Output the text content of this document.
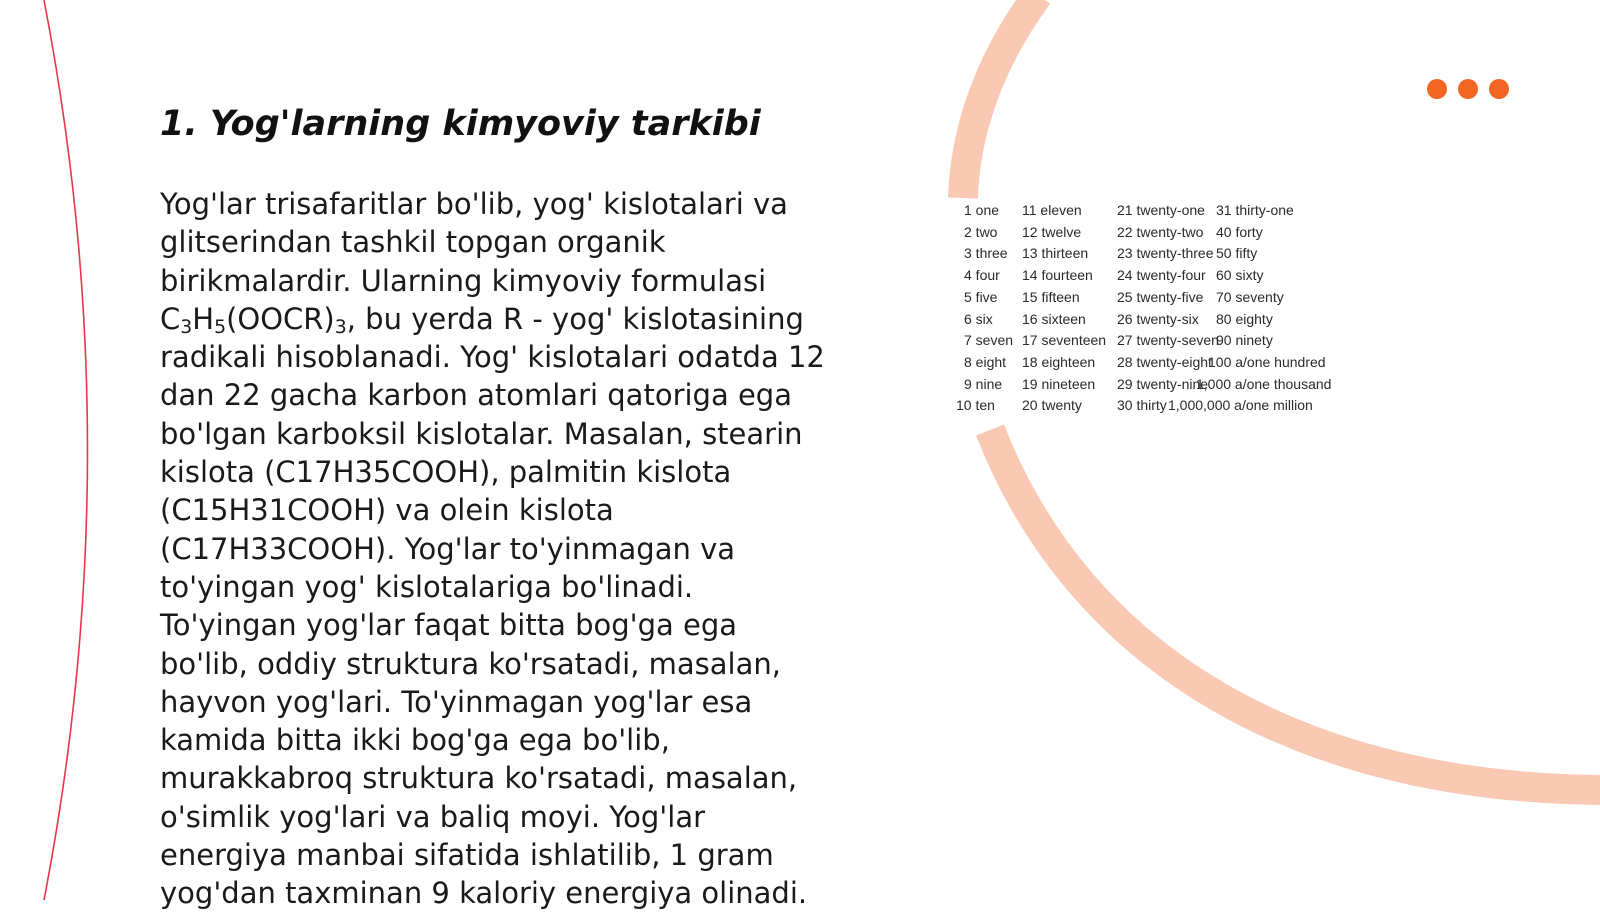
1. Yog'larning kimyoviy tarkibi

Yog'lar trisafaritlar bo'lib, yog' kislotalari va glitserindan tashkil topgan organik birikmalardir. Ularning kimyoviy formulasi $C_3H_5(OOCR)_3$, bu yerda R - yog' kislotasining radikali hisoblanadi. Yog' kislotalari odatda 12 dan 22 gacha karbon atomlari qatoriga ega bo'lgan karboksil kislotalar. Masalan, stearin kislota (C17H35COOH), palmitin kislota (C15H31COOH) va olein kislota (C17H33COOH). Yog'lar to'yinmagan va to'yingan yog' kislotalariga bo'linadi. To'yingan yog'lar faqat bitta bog'ga ega bo'lib, oddiy struktura ko'rsatadi, masalan, hayvon yog'lari. To'yinmagan yog'lar esa kamida bitta ikki bog'ga ega bo'lib, murakkabroq struktura ko'rsatadi, masalan, o'simlik yog'lari va baliq moyi. Yog'lar energiya manbai sifatida ishlatilib, 1 gram yog'dan taxminan 9 kaloriy energiya olinadi.

1 one
2 two
3 three
4 four
5 five
6 six
7 seven
8 eight
9 nine
10 ten
11 eleven
12 twelve
13 thirteen
14 fourteen
15 fifteen
16 sixteen
17 seventeen
18 eighteen
19 nineteen
20 twenty
21 twenty-one
22 twenty-two
23 twenty-three
24 twenty-four
25 twenty-five
26 twenty-six
27 twenty-seven
28 twenty-eight
29 twenty-nine
30 thirty
31 thirty-one
40 forty
50 fifty
60 sixty
70 seventy
80 eighty
90 ninety
100 a/one hundred
1,000 a/one thousand
1,000,000 a/one million
